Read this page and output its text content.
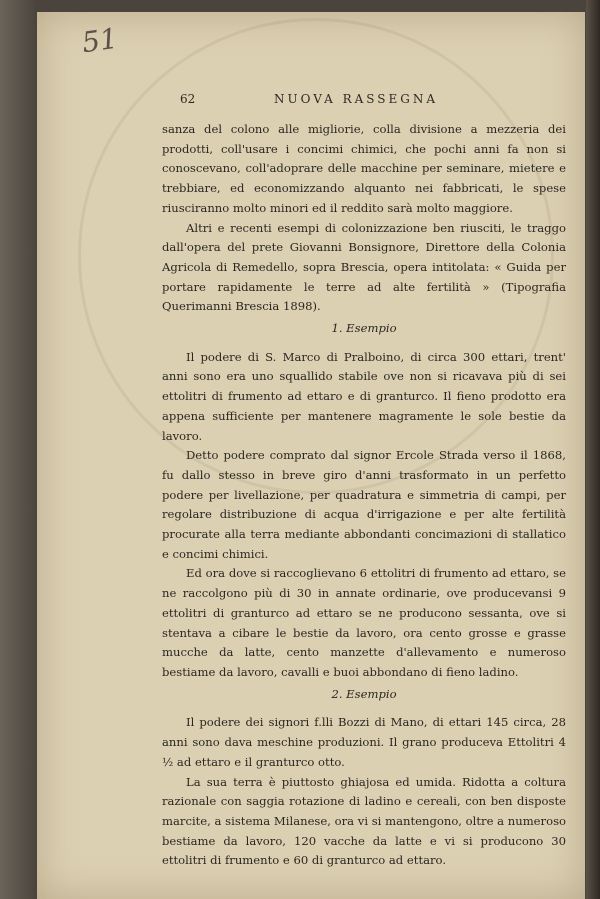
51
62	NUOVA RASSEGNA

sanza del colono alle migliorie, colla divisione a mezzeria dei prodotti, coll'usare i concimi chimici, che pochi anni fa non si conoscevano, coll'adoprare delle macchine per seminare, mietere e trebbiare, ed economizzando alquanto nei fabbricati, le spese riusciranno molto minori ed il reddito sarà molto maggiore.

Altri e recenti esempi di colonizzazione ben riusciti, le traggo dall'opera del prete Giovanni Bonsignore, Direttore della Colonia Agricola di Remedello, sopra Brescia, opera intitolata: « Guida per portare rapidamente le terre ad alte fertilità » (Tipografia Querimanni Brescia 1898).

1. Esempio

Il podere di S. Marco di Pralboino, di circa 300 ettari, trent' anni sono era uno squallido stabile ove non si ricavava più di sei ettolitri di frumento ad ettaro e di granturco. Il fieno prodotto era appena sufficiente per mantenere magramente le sole bestie da lavoro.

Detto podere comprato dal signor Ercole Strada verso il 1868, fu dallo stesso in breve giro d'anni trasformato in un perfetto podere per livellazione, per quadratura e simmetria di campi, per regolare distribuzione di acqua d'irrigazione e per alte fertilità procurate alla terra mediante abbondanti concimazioni di stallatico e concimi chimici.

Ed ora dove si raccoglievano 6 ettolitri di frumento ad ettaro, se ne raccolgono più di 30 in annate ordinarie, ove producevansi 9 ettolitri di granturco ad ettaro se ne producono sessanta, ove si stentava a cibare le bestie da lavoro, ora cento grosse e grasse mucche da latte, cento manzette d'allevamento e numeroso bestiame da lavoro, cavalli e buoi abbondano di fieno ladino.

2. Esempio

Il podere dei signori f.lli Bozzi di Mano, di ettari 145 circa, 28 anni sono dava meschine produzioni. Il grano produceva Ettolitri 4 ½ ad ettaro e il granturco otto.

La sua terra è piuttosto ghiajosa ed umida. Ridotta a coltura razionale con saggia rotazione di ladino e cereali, con ben disposte marcite, a sistema Milanese, ora vi si mantengono, oltre a numeroso bestiame da lavoro, 120 vacche da latte e vi si producono 30 ettolitri di frumento e 60 di granturco ad ettaro.
